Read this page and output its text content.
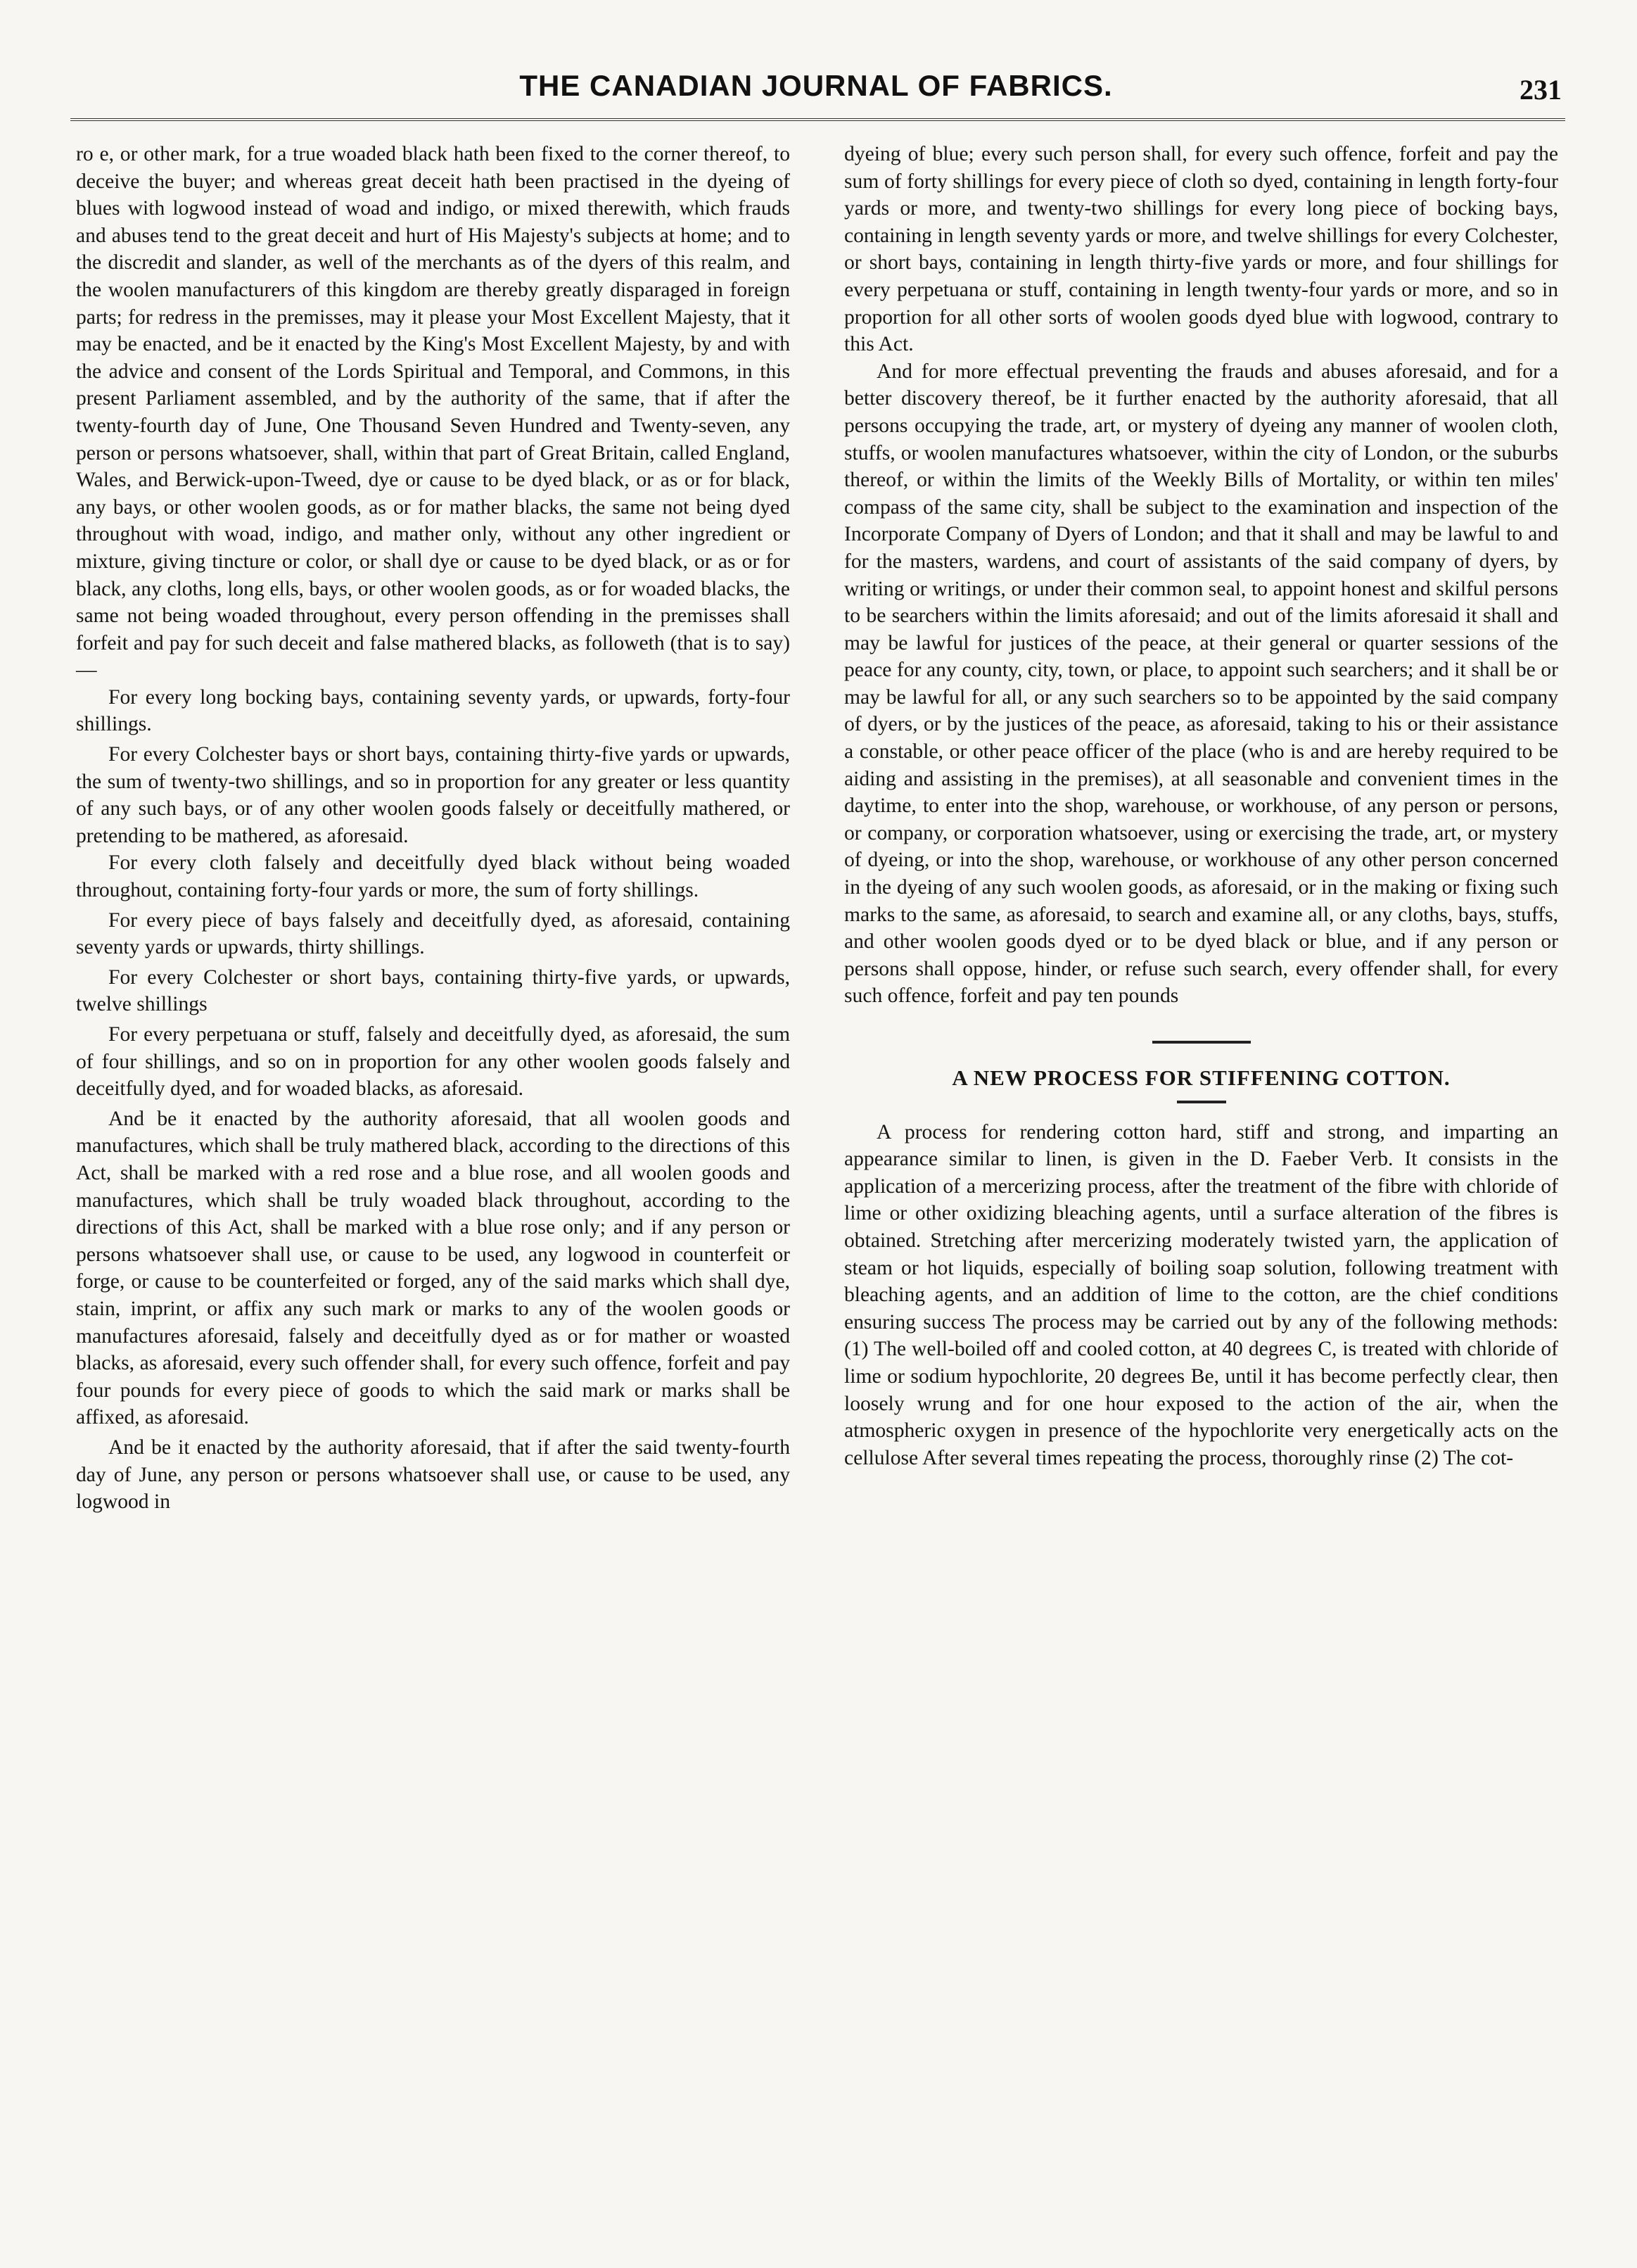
THE CANADIAN JOURNAL OF FABRICS.	231

ro e, or other mark, for a true woaded black hath been fixed to the corner thereof, to deceive the buyer; and whereas great deceit hath been practised in the dyeing of blues with logwood instead of woad and indigo, or mixed therewith, which frauds and abuses tend to the great deceit and hurt of His Majesty's subjects at home; and to the discredit and slander, as well of the merchants as of the dyers of this realm, and the woolen manufacturers of this kingdom are thereby greatly disparaged in foreign parts; for redress in the premisses, may it please your Most Excellent Majesty, that it may be enacted, and be it enacted by the King's Most Excellent Majesty, by and with the advice and consent of the Lords Spiritual and Temporal, and Commons, in this present Parliament assembled, and by the authority of the same, that if after the twenty-fourth day of June, One Thousand Seven Hundred and Twenty-seven, any person or persons whatsoever, shall, within that part of Great Britain, called England, Wales, and Berwick-upon-Tweed, dye or cause to be dyed black, or as or for black, any bays, or other woolen goods, as or for mather blacks, the same not being dyed throughout with woad, indigo, and mather only, without any other ingredient or mixture, giving tincture or color, or shall dye or cause to be dyed black, or as or for black, any cloths, long ells, bays, or other woolen goods, as or for woaded blacks, the same not being woaded throughout, every person offending in the premisses shall forfeit and pay for such deceit and false mathered blacks, as followeth (that is to say)—

For every long bocking bays, containing seventy yards, or upwards, forty-four shillings.

For every Colchester bays or short bays, containing thirty-five yards or upwards, the sum of twenty-two shillings, and so in proportion for any greater or less quantity of any such bays, or of any other woolen goods falsely or deceitfully mathered, or pretending to be mathered, as aforesaid.

For every cloth falsely and deceitfully dyed black without being woaded throughout, containing forty-four yards or more, the sum of forty shillings.

For every piece of bays falsely and deceitfully dyed, as aforesaid, containing seventy yards or upwards, thirty shillings.

For every Colchester or short bays, containing thirty-five yards, or upwards, twelve shillings

For every perpetuana or stuff, falsely and deceitfully dyed, as aforesaid, the sum of four shillings, and so on in proportion for any other woolen goods falsely and deceitfully dyed, and for woaded blacks, as aforesaid.

And be it enacted by the authority aforesaid, that all woolen goods and manufactures, which shall be truly mathered black, according to the directions of this Act, shall be marked with a red rose and a blue rose, and all woolen goods and manufactures, which shall be truly woaded black throughout, according to the directions of this Act, shall be marked with a blue rose only; and if any person or persons whatsoever shall use, or cause to be used, any logwood in counterfeit or forge, or cause to be counterfeited or forged, any of the said marks which shall dye, stain, imprint, or affix any such mark or marks to any of the woolen goods or manufactures aforesaid, falsely and deceitfully dyed as or for mather or woasted blacks, as aforesaid, every such offender shall, for every such offence, forfeit and pay four pounds for every piece of goods to which the said mark or marks shall be affixed, as aforesaid.

And be it enacted by the authority aforesaid, that if after the said twenty-fourth day of June, any person or persons whatsoever shall use, or cause to be used, any logwood in

dyeing of blue; every such person shall, for every such offence, forfeit and pay the sum of forty shillings for every piece of cloth so dyed, containing in length forty-four yards or more, and twenty-two shillings for every long piece of bocking bays, containing in length seventy yards or more, and twelve shillings for every Colchester, or short bays, containing in length thirty-five yards or more, and four shillings for every perpetuana or stuff, containing in length twenty-four yards or more, and so in proportion for all other sorts of woolen goods dyed blue with logwood, contrary to this Act.

And for more effectual preventing the frauds and abuses aforesaid, and for a better discovery thereof, be it further enacted by the authority aforesaid, that all persons occupying the trade, art, or mystery of dyeing any manner of woolen cloth, stuffs, or woolen manufactures whatsoever, within the city of London, or the suburbs thereof, or within the limits of the Weekly Bills of Mortality, or within ten miles' compass of the same city, shall be subject to the examination and inspection of the Incorporate Company of Dyers of London; and that it shall and may be lawful to and for the masters, wardens, and court of assistants of the said company of dyers, by writing or writings, or under their common seal, to appoint honest and skilful persons to be searchers within the limits aforesaid; and out of the limits aforesaid it shall and may be lawful for justices of the peace, at their general or quarter sessions of the peace for any county, city, town, or place, to appoint such searchers; and it shall be or may be lawful for all, or any such searchers so to be appointed by the said company of dyers, or by the justices of the peace, as aforesaid, taking to his or their assistance a constable, or other peace officer of the place (who is and are hereby required to be aiding and assisting in the premises), at all seasonable and convenient times in the daytime, to enter into the shop, warehouse, or workhouse, of any person or persons, or company, or corporation whatsoever, using or exercising the trade, art, or mystery of dyeing, or into the shop, warehouse, or workhouse of any other person concerned in the dyeing of any such woolen goods, as aforesaid, or in the making or fixing such marks to the same, as aforesaid, to search and examine all, or any cloths, bays, stuffs, and other woolen goods dyed or to be dyed black or blue, and if any person or persons shall oppose, hinder, or refuse such search, every offender shall, for every such offence, forfeit and pay ten pounds

A NEW PROCESS FOR STIFFENING COTTON.

A process for rendering cotton hard, stiff and strong, and imparting an appearance similar to linen, is given in the D. Faeber Verb. It consists in the application of a mercerizing process, after the treatment of the fibre with chloride of lime or other oxidizing bleaching agents, until a surface alteration of the fibres is obtained. Stretching after mercerizing moderately twisted yarn, the application of steam or hot liquids, especially of boiling soap solution, following treatment with bleaching agents, and an addition of lime to the cotton, are the chief conditions ensuring success The process may be carried out by any of the following methods: (1) The well-boiled off and cooled cotton, at 40 degrees C, is treated with chloride of lime or sodium hypochlorite, 20 degrees Be, until it has become perfectly clear, then loosely wrung and for one hour exposed to the action of the air, when the atmospheric oxygen in presence of the hypochlorite very energetically acts on the cellulose After several times repeating the process, thoroughly rinse (2) The cot-
